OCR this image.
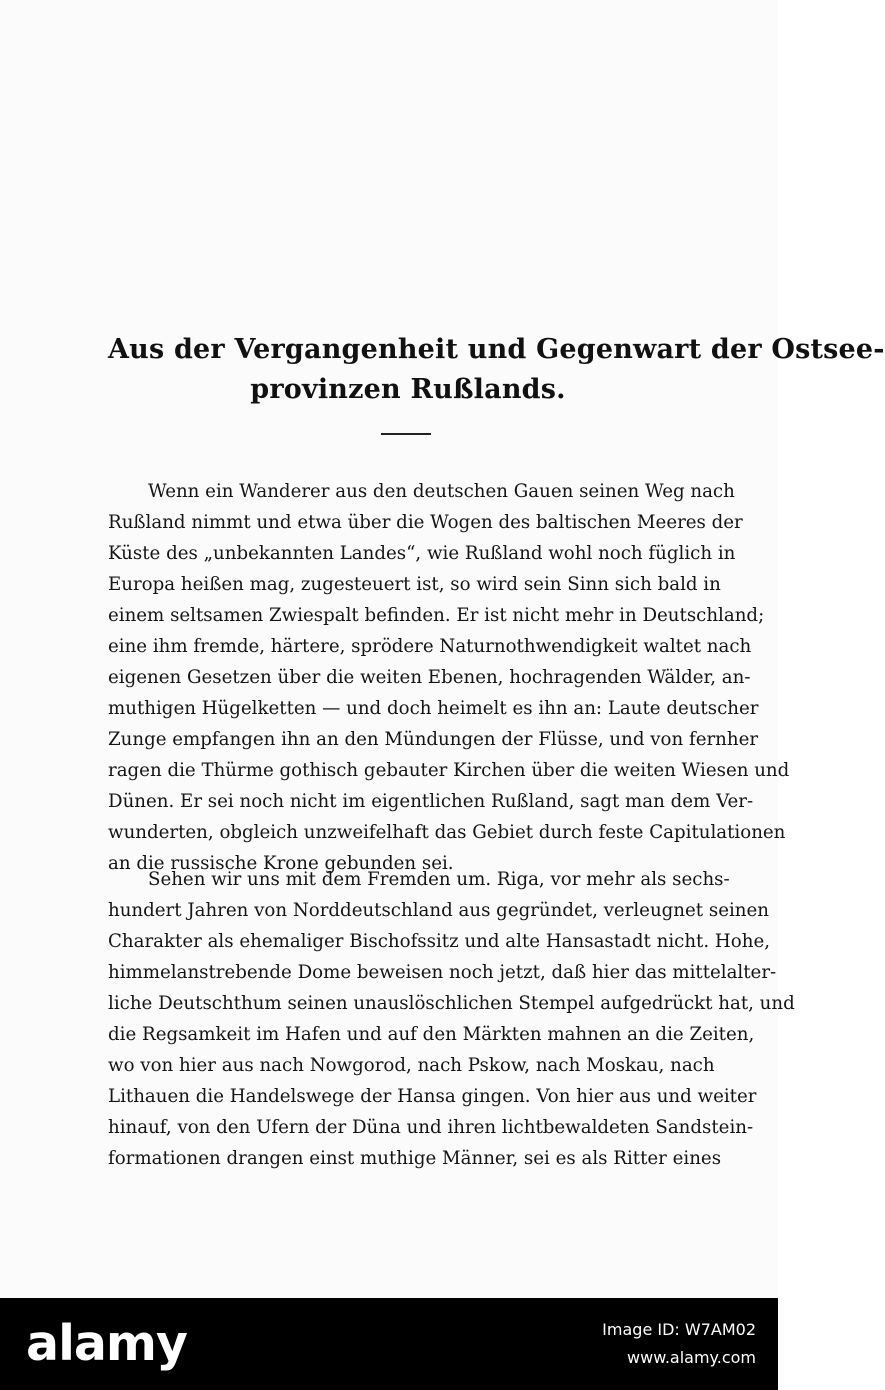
Aus der Vergangenheit und Gegenwart der Ostsee-
provinzen Rußlands.
Wenn ein Wanderer aus den deutschen Gauen seinen Weg nach
Rußland nimmt und etwa über die Wogen des baltischen Meeres der
Küste des „unbekannten Landes“, wie Rußland wohl noch füglich in
Europa heißen mag, zugesteuert ist, so wird sein Sinn sich bald in
einem seltsamen Zwiespalt befinden. Er ist nicht mehr in Deutschland;
eine ihm fremde, härtere, sprödere Naturnothwendigkeit waltet nach
eigenen Gesetzen über die weiten Ebenen, hochragenden Wälder, an-
muthigen Hügelketten — und doch heimelt es ihn an: Laute deutscher
Zunge empfangen ihn an den Mündungen der Flüsse, und von fernher
ragen die Thürme gothisch gebauter Kirchen über die weiten Wiesen und
Dünen. Er sei noch nicht im eigentlichen Rußland, sagt man dem Ver-
wunderten, obgleich unzweifelhaft das Gebiet durch feste Capitulationen
an die russische Krone gebunden sei.
Sehen wir uns mit dem Fremden um. Riga, vor mehr als sechs-
hundert Jahren von Norddeutschland aus gegründet, verleugnet seinen
Charakter als ehemaliger Bischofssitz und alte Hansastadt nicht. Hohe,
himmelanstrebende Dome beweisen noch jetzt, daß hier das mittelalter-
liche Deutschthum seinen unauslöschlichen Stempel aufgedrückt hat, und
die Regsamkeit im Hafen und auf den Märkten mahnen an die Zeiten,
wo von hier aus nach Nowgorod, nach Pskow, nach Moskau, nach
Lithauen die Handelswege der Hansa gingen. Von hier aus und weiter
hinauf, von den Ufern der Düna und ihren lichtbewaldeten Sandstein-
formationen drangen einst muthige Männer, sei es als Ritter eines
alamy	Image ID: W7AM02
www.alamy.com
